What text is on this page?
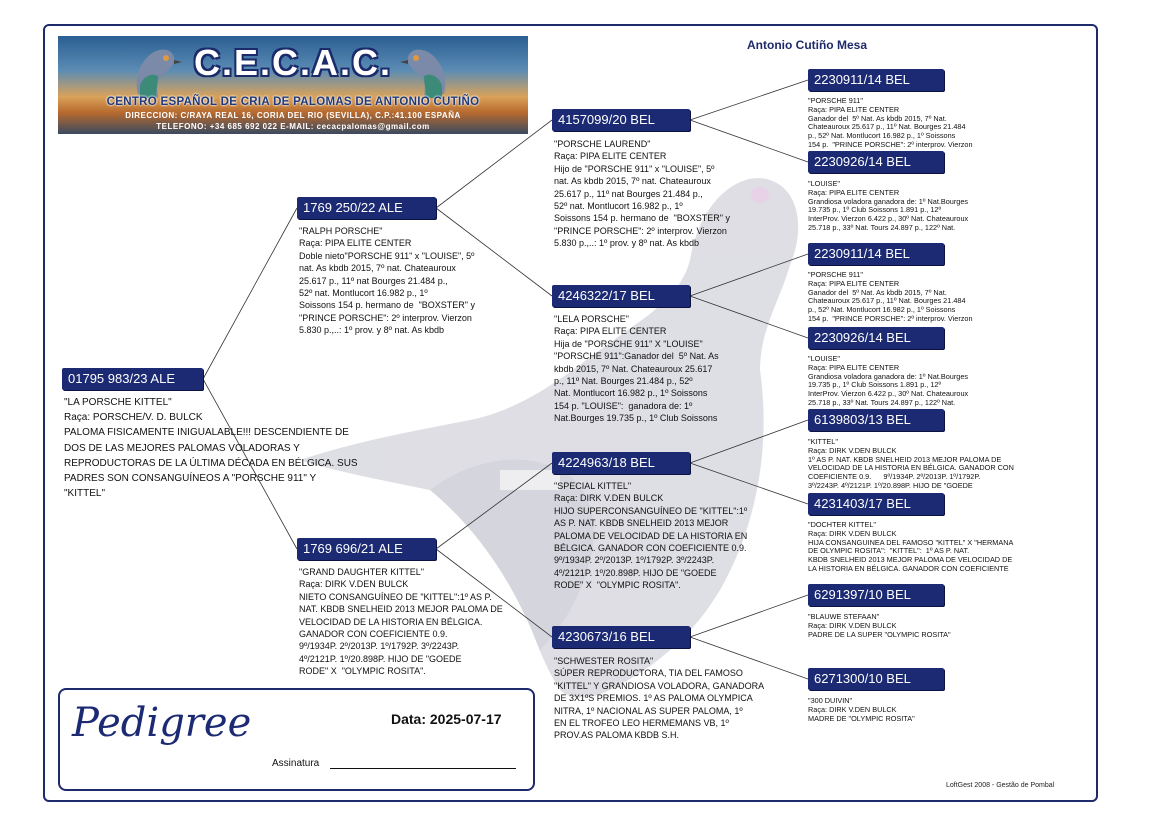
C.E.C.A.C.
CENTRO ESPAÑOL DE CRIA DE PALOMAS DE ANTONIO CUTIÑO
DIRECCION: C/RAYA REAL 16, CORIA DEL RIO (SEVILLA), C.P.:41.100 ESPAÑA
TELEFONO: +34 685 692 022 E-MAIL: cecacpalomas@gmail.com
Antonio Cutiño Mesa
01795 983/23 ALE
"LA PORSCHE KITTEL"
Raça: PORSCHE/V. D. BULCK
PALOMA FISICAMENTE INIGUALABLE!!! DESCENDIENTE DE
DOS DE LAS MEJORES PALOMAS VOLADORAS Y
REPRODUCTORAS DE LA ÚLTIMA DÉCADA EN BÉLGICA. SUS
PADRES SON CONSANGUÍNEOS A "PORSCHE 911" Y
"KITTEL"
1769 250/22 ALE
"RALPH PORSCHE"
Raça: PIPA ELITE CENTER
Doble nieto"PORSCHE 911" x "LOUISE", 5º
nat. As kbdb 2015, 7º nat. Chateauroux
25.617 p., 11º nat Bourges 21.484 p.,
52º nat. Montlucort 16.982 p., 1º
Soissons 154 p. hermano de  "BOXSTER" y
"PRINCE PORSCHE": 2º interprov. Vierzon
5.830 p.,..: 1º prov. y 8º nat. As kbdb
1769 696/21 ALE
"GRAND DAUGHTER KITTEL"
Raça: DIRK V.DEN BULCK
NIETO CONSANGUÍNEO DE "KITTEL":1º AS P.
NAT. KBDB SNELHEID 2013 MEJOR PALOMA DE
VELOCIDAD DE LA HISTORIA EN BÉLGICA.
GANADOR CON COEFICIENTE 0.9.
9º/1934P. 2º/2013P. 1º/1792P. 3º/2243P.
4º/2121P. 1º/20.898P. HIJO DE "GOEDE
RODE" X  "OLYMPIC ROSITA".
4157099/20 BEL
"PORSCHE LAUREND"
Raça: PIPA ELITE CENTER
Hijo de "PORSCHE 911" x "LOUISE", 5º
nat. As kbdb 2015, 7º nat. Chateauroux
25.617 p., 11º nat Bourges 21.484 p.,
52º nat. Montlucort 16.982 p., 1º
Soissons 154 p. hermano de  "BOXSTER" y
"PRINCE PORSCHE": 2º interprov. Vierzon
5.830 p.,..: 1º prov. y 8º nat. As kbdb
4246322/17 BEL
"LELA PORSCHE"
Raça: PIPA ELITE CENTER
Hija de "PORSCHE 911" X "LOUISE"
"PORSCHE 911":Ganador del  5º Nat. As
kbdb 2015, 7º Nat. Chateauroux 25.617
p., 11º Nat. Bourges 21.484 p., 52º
Nat. Montlucort 16.982 p., 1º Soissons
154 p. "LOUISE":  ganadora de: 1º
Nat.Bourges 19.735 p., 1º Club Soissons
4224963/18 BEL
"SPECIAL KITTEL"
Raça: DIRK V.DEN BULCK
HIJO SUPERCONSANGUÍNEO DE "KITTEL":1º
AS P. NAT. KBDB SNELHEID 2013 MEJOR
PALOMA DE VELOCIDAD DE LA HISTORIA EN
BÉLGICA. GANADOR CON COEFICIENTE 0.9.
9º/1934P. 2º/2013P. 1º/1792P. 3º/2243P.
4º/2121P. 1º/20.898P. HIJO DE "GOEDE
RODE" X  "OLYMPIC ROSITA".
4230673/16 BEL
"SCHWESTER ROSITA"
SÚPER REPRODUCTORA, TIA DEL FAMOSO
"KITTEL" Y GRANDIOSA VOLADORA, GANADORA
DE 3X1ºS PREMIOS. 1º AS PALOMA OLYMPICA
NITRA, 1º NACIONAL AS SUPER PALOMA, 1º
EN EL TROFEO LEO HERMEMANS VB, 1º
PROV.AS PALOMA KBDB S.H.
2230911/14 BEL
"PORSCHE 911"
Raça: PIPA ELITE CENTER
Ganador del  5º Nat. As kbdb 2015, 7º Nat.
Chateauroux 25.617 p., 11º Nat. Bourges 21.484
p., 52º Nat. Montlucort 16.982 p., 1º Soissons
154 p.  "PRINCE PORSCHE": 2º interprov. Vierzon
2230926/14 BEL
"LOUISE"
Raça: PIPA ELITE CENTER
Grandiosa voladora ganadora de: 1º Nat.Bourges
19.735 p., 1º Club Soissons 1.891 p., 12º
InterProv. Vierzon 6.422 p., 30º Nat. Chateauroux
25.718 p., 33º Nat. Tours 24.897 p., 122º Nat.
2230911/14 BEL
"PORSCHE 911"
Raça: PIPA ELITE CENTER
Ganador del  5º Nat. As kbdb 2015, 7º Nat.
Chateauroux 25.617 p., 11º Nat. Bourges 21.484
p., 52º Nat. Montlucort 16.982 p., 1º Soissons
154 p.  "PRINCE PORSCHE": 2º interprov. Vierzon
2230926/14 BEL
"LOUISE"
Raça: PIPA ELITE CENTER
Grandiosa voladora ganadora de: 1º Nat.Bourges
19.735 p., 1º Club Soissons 1.891 p., 12º
InterProv. Vierzon 6.422 p., 30º Nat. Chateauroux
25.718 p., 33º Nat. Tours 24.897 p., 122º Nat.
6139803/13 BEL
"KITTEL"
Raça: DIRK V.DEN BULCK
1º AS P. NAT. KBDB SNELHEID 2013 MEJOR PALOMA DE
VELOCIDAD DE LA HISTORIA EN BÉLGICA. GANADOR CON
COEFICIENTE 0.9.      9º/1934P. 2º/2013P. 1º/1792P.
3º/2243P. 4º/2121P. 1º/20.898P. HIJO DE "GOEDE
4231403/17 BEL
"DOCHTER KITTEL"
Raça: DIRK V.DEN BULCK
HIJA CONSANGUINEA DEL FAMOSO "KITTEL" X "HERMANA
DE OLYMPIC ROSITA":  "KITTEL":  1º AS P. NAT.
KBDB SNELHEID 2013 MEJOR PALOMA DE VELOCIDAD DE
LA HISTORIA EN BÉLGICA. GANADOR CON COEFICIENTE
6291397/10 BEL
"BLAUWE STEFAAN"
Raça: DIRK V.DEN BULCK
PADRE DE LA SUPER "OLYMPIC ROSITA"
6271300/10 BEL
"300 DUIVIN"
Raça: DIRK V.DEN BULCK
MADRE DE "OLYMPIC ROSITA"
Pedigree	Data: 2025-07-17
Assinatura
LoftGest 2008 - Gestão de Pombal
